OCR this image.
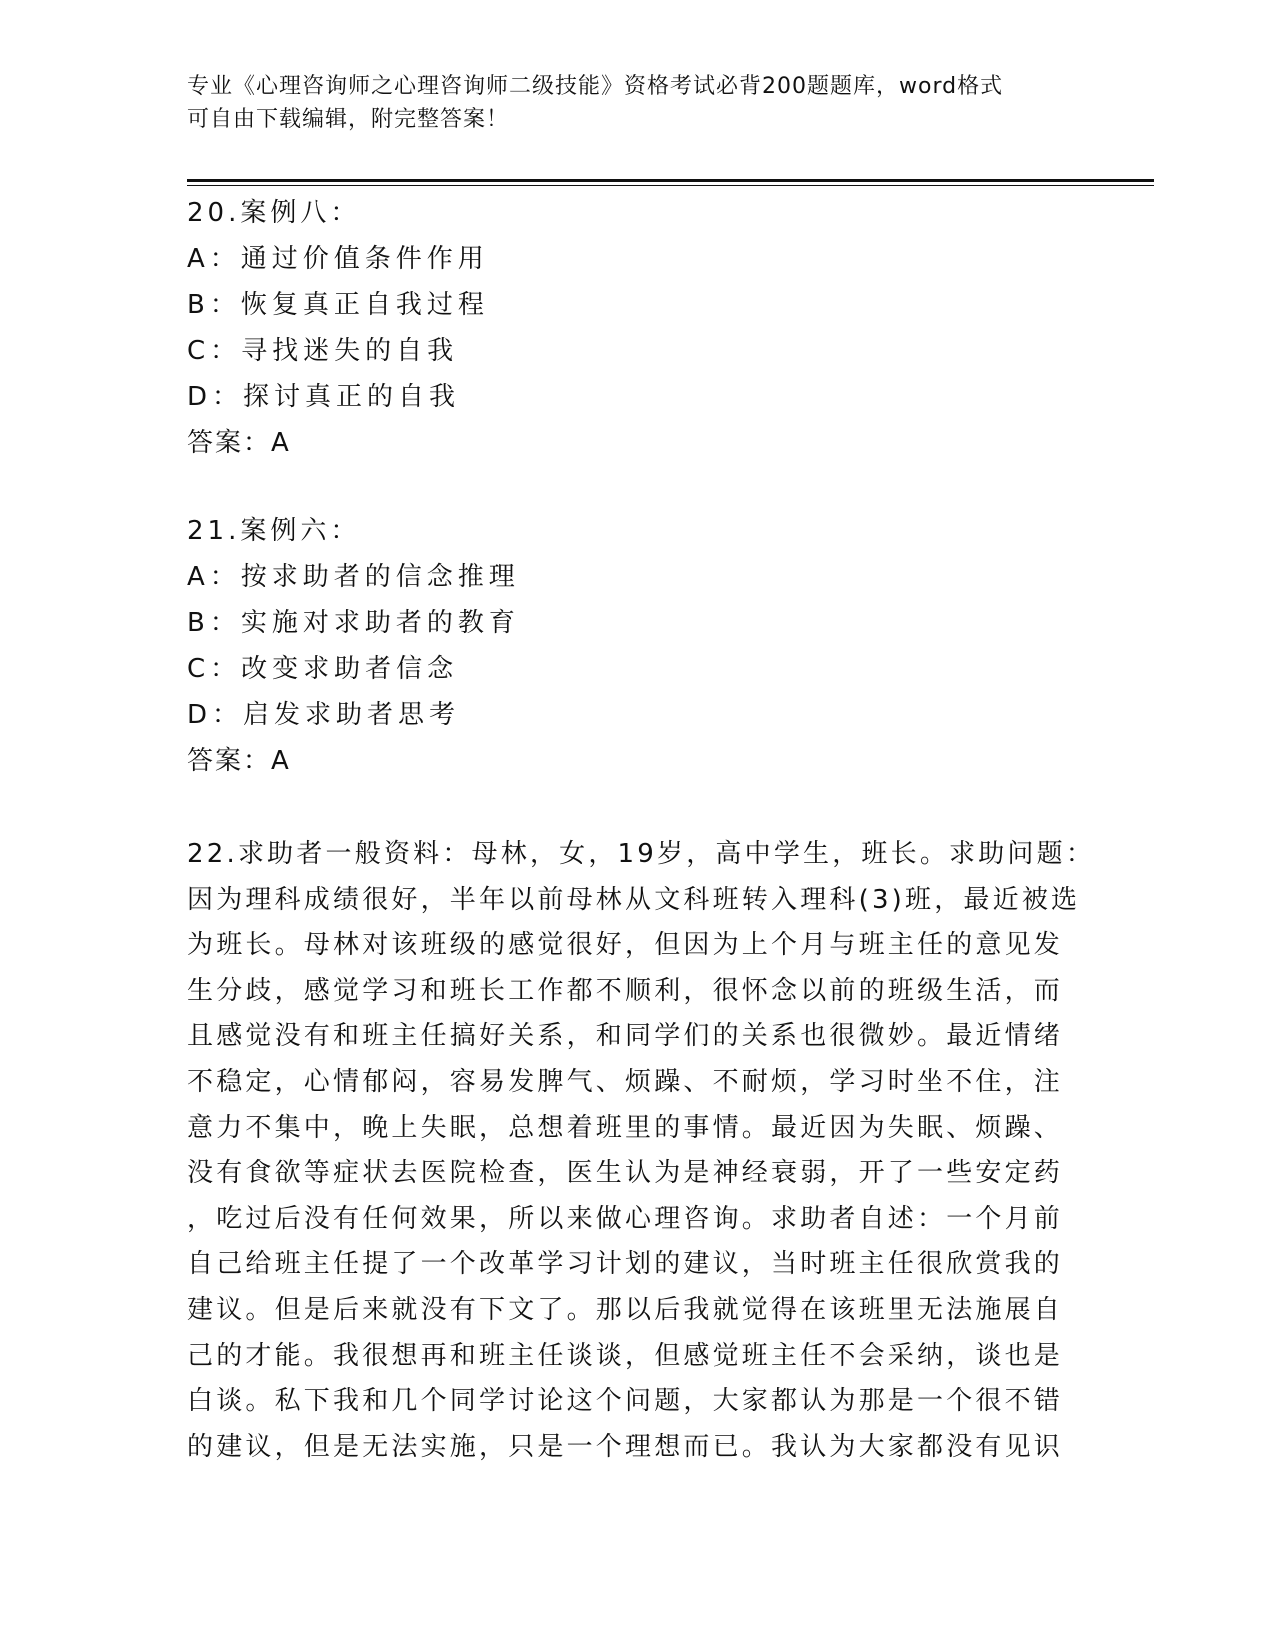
专业《心理咨询师之心理咨询师二级技能》资格考试必背200题题库，word格式
可自由下载编辑，附完整答案！
20.案例八：
A：通过价值条件作用
B：恢复真正自我过程
C：寻找迷失的自我
D：探讨真正的自我
答案：A
21.案例六：
A：按求助者的信念推理
B：实施对求助者的教育
C：改变求助者信念
D：启发求助者思考
答案：A
22.求助者一般资料：母林，女，19岁，高中学生，班长。求助问题：
因为理科成绩很好，半年以前母林从文科班转入理科(3)班，最近被选
为班长。母林对该班级的感觉很好，但因为上个月与班主任的意见发
生分歧，感觉学习和班长工作都不顺利，很怀念以前的班级生活，而
且感觉没有和班主任搞好关系，和同学们的关系也很微妙。最近情绪
不稳定，心情郁闷，容易发脾气、烦躁、不耐烦，学习时坐不住，注
意力不集中，晚上失眠，总想着班里的事情。最近因为失眠、烦躁、
没有食欲等症状去医院检查，医生认为是神经衰弱，开了一些安定药
，吃过后没有任何效果，所以来做心理咨询。求助者自述：一个月前
自己给班主任提了一个改革学习计划的建议，当时班主任很欣赏我的
建议。但是后来就没有下文了。那以后我就觉得在该班里无法施展自
己的才能。我很想再和班主任谈谈，但感觉班主任不会采纳，谈也是
白谈。私下我和几个同学讨论这个问题，大家都认为那是一个很不错
的建议，但是无法实施，只是一个理想而已。我认为大家都没有见识
